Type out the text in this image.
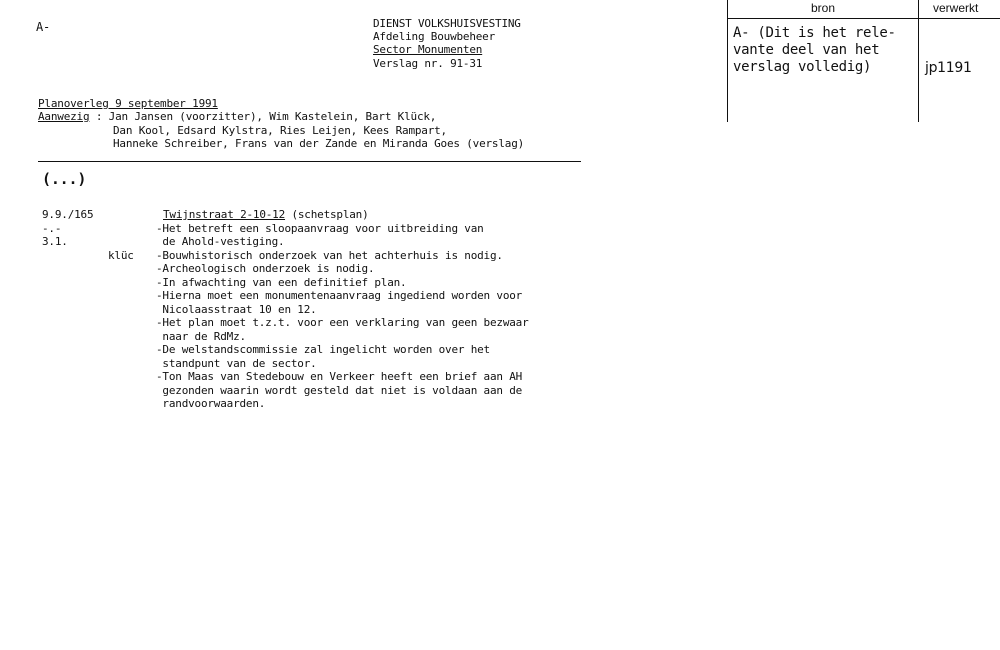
A-	DIENST VOLKSHUISVESTING
Afdeling Bouwbeheer
Sector Monumenten
Verslag nr. 91-31
Planoverleg 9 september 1991
Aanwezig : Jan Jansen (voorzitter), Wim Kastelein, Bart Klück,
Dan Kool, Edsard Kylstra, Ries Leijen, Kees Rampart,
Hanneke Schreiber, Frans van der Zande en Miranda Goes (verslag)
(...)
9.9./165
-.-
3.1.
klüc
Twijnstraat 2-10-12 (schetsplan)
-Het betreft een sloopaanvraag voor uitbreiding van
de Ahold-vestiging.
-Bouwhistorisch onderzoek van het achterhuis is nodig.
-Archeologisch onderzoek is nodig.
-In afwachting van een definitief plan.
-Hierna moet een monumentenaanvraag ingediend worden voor
Nicolaasstraat 10 en 12.
-Het plan moet t.z.t. voor een verklaring van geen bezwaar
naar de RdMz.
-De welstandscommissie zal ingelicht worden over het
standpunt van de sector.
-Ton Maas van Stedebouw en Verkeer heeft een brief aan AH
gezonden waarin wordt gesteld dat niet is voldaan aan de
randvoorwaarden.
bron	verwerkt
A- (Dit is het rele-
vante deel van het
verslag volledig)	jp1191
